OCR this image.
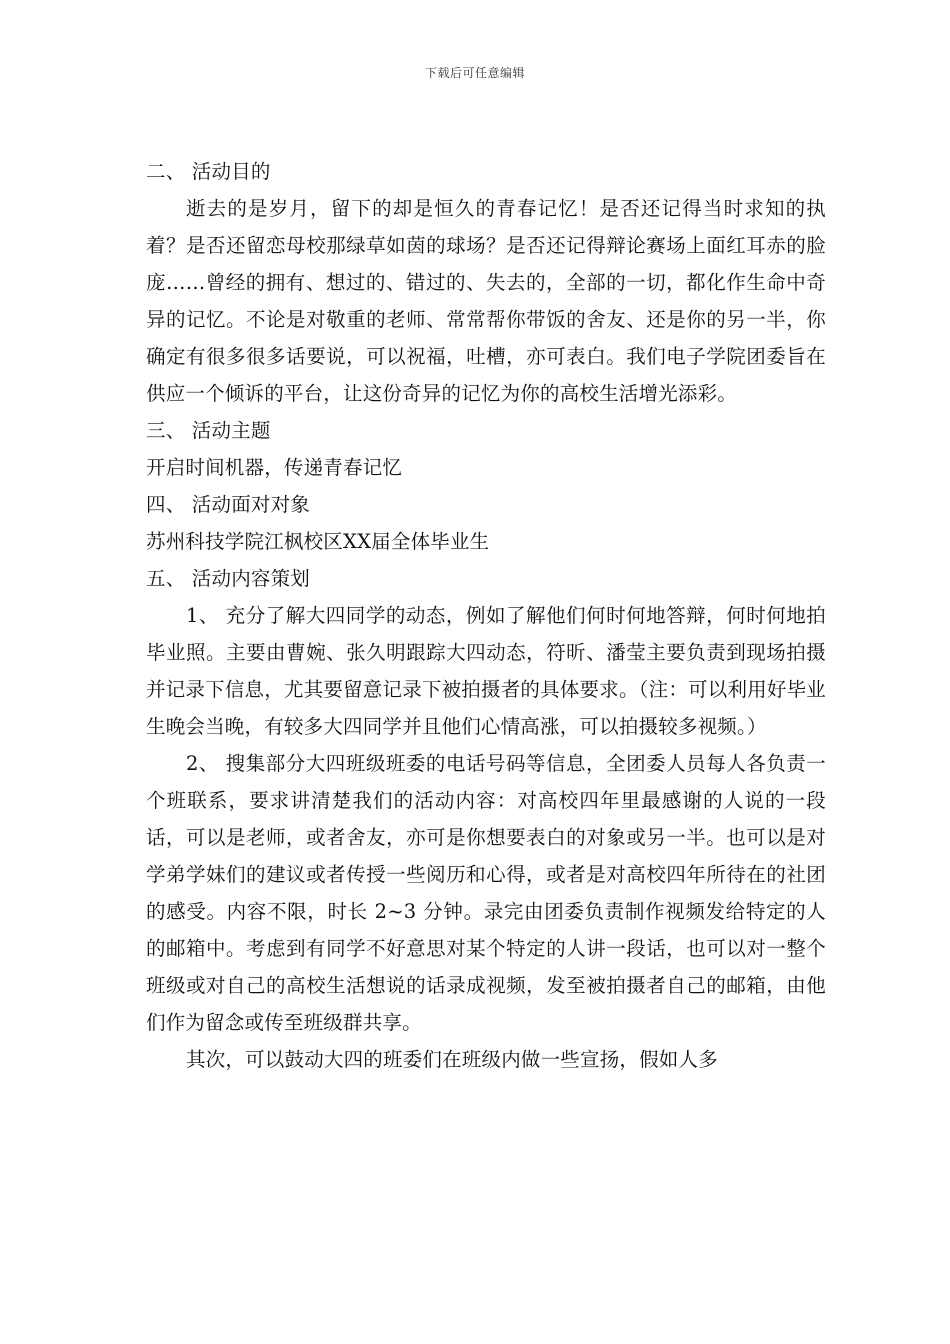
下载后可任意编辑

二、 活动目的

逝去的是岁月，留下的却是恒久的青春记忆！是否还记得当时求知的执着？是否还留恋母校那绿草如茵的球场？是否还记得辩论赛场上面红耳赤的脸庞……曾经的拥有、想过的、错过的、失去的，全部的一切，都化作生命中奇异的记忆。不论是对敬重的老师、常常帮你带饭的舍友、还是你的另一半，你确定有很多很多话要说，可以祝福，吐槽，亦可表白。我们电子学院团委旨在供应一个倾诉的平台，让这份奇异的记忆为你的高校生活增光添彩。

三、 活动主题

开启时间机器，传递青春记忆

四、 活动面对对象

苏州科技学院江枫校区XX届全体毕业生

五、 活动内容策划

1、 充分了解大四同学的动态，例如了解他们何时何地答辩，何时何地拍毕业照。主要由曹婉、张久明跟踪大四动态，符昕、潘莹主要负责到现场拍摄并记录下信息，尤其要留意记录下被拍摄者的具体要求。（注：可以利用好毕业生晚会当晚，有较多大四同学并且他们心情高涨，可以拍摄较多视频。）

2、 搜集部分大四班级班委的电话号码等信息，全团委人员每人各负责一个班联系，要求讲清楚我们的活动内容：对高校四年里最感谢的人说的一段话，可以是老师，或者舍友，亦可是你想要表白的对象或另一半。也可以是对学弟学妹们的建议或者传授一些阅历和心得，或者是对高校四年所待在的社团的感受。内容不限，时长 2~3 分钟。录完由团委负责制作视频发给特定的人的邮箱中。考虑到有同学不好意思对某个特定的人讲一段话，也可以对一整个班级或对自己的高校生活想说的话录成视频，发至被拍摄者自己的邮箱，由他们作为留念或传至班级群共享。

其次，可以鼓动大四的班委们在班级内做一些宣扬，假如人多
